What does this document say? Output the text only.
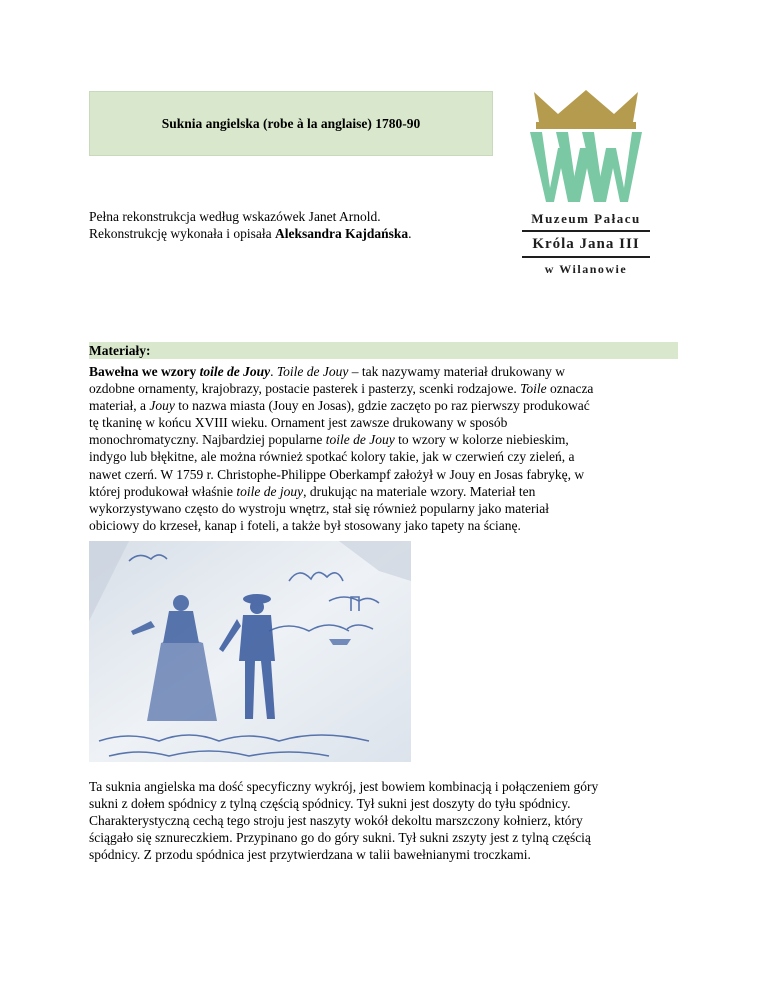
Suknia angielska (robe à la anglaise) 1780-90
Muzeum Pałacu
Króla Jana III
w Wilanowie
Pełna rekonstrukcja według wskazówek Janet Arnold.
Rekonstrukcję wykonała i opisała Aleksandra Kajdańska.
Materiały:
Bawełna we wzory toile de Jouy. Toile de Jouy – tak nazywamy materiał drukowany w
ozdobne ornamenty, krajobrazy, postacie pasterek i pasterzy, scenki rodzajowe. Toile oznacza
materiał, a Jouy to nazwa miasta (Jouy en Josas), gdzie zaczęto po raz pierwszy produkować
tę tkaninę w końcu XVIII wieku. Ornament jest zawsze drukowany w sposób
monochromatyczny. Najbardziej popularne toile de Jouy to wzory w kolorze niebieskim,
indygo lub błękitne, ale można również spotkać kolory takie, jak w czerwień czy zieleń, a
nawet czerń. W 1759 r. Christophe-Philippe Oberkampf założył w Jouy en Josas fabrykę, w
której produkował właśnie toile de jouy, drukując na materiale wzory. Materiał ten
wykorzystywano często do wystroju wnętrz, stał się również popularny jako materiał
obiciowy do krzeseł, kanap i foteli, a także był stosowany jako tapety na ścianę.
Ta suknia angielska ma dość specyficzny wykrój, jest bowiem kombinacją i połączeniem góry
sukni z dołem spódnicy z tylną częścią spódnicy. Tył sukni jest doszyty do tyłu spódnicy.
Charakterystyczną cechą tego stroju jest naszyty wokół dekoltu marszczony kołnierz, który
ściągało się sznureczkiem. Przypinano go do góry sukni. Tył sukni zszyty jest z tylną częścią
spódnicy. Z przodu spódnica jest przytwierdzana w talii bawełnianymi troczkami.
